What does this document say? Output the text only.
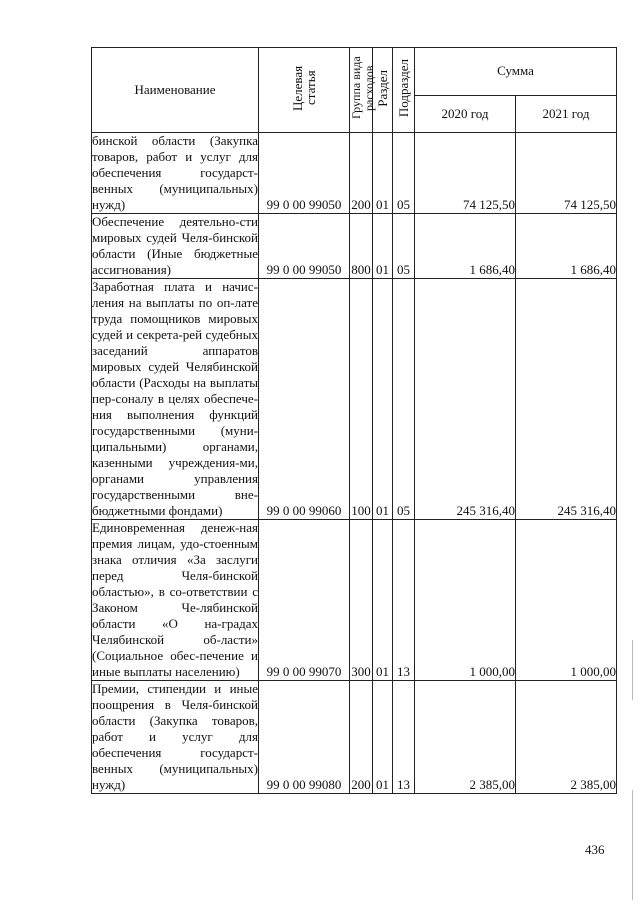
Наименование	Целевая статья	Группа вида расходов	Раздел	Подраздел	Сумма	
					2020 год	2021 год
бинской области (Закупка товаров, работ и услуг для обеспечения государст-венных (муниципальных) нужд)	99 0 00 99050	200	01	05	74 125,50	74 125,50
Обеспечение деятельно-сти мировых судей Челя-бинской области (Иные бюджетные ассигнования)	99 0 00 99050	800	01	05	1 686,40	1 686,40
Заработная плата и начис-ления на выплаты по оп-лате труда помощников мировых судей и секрета-рей судебных заседаний аппаратов мировых судей Челябинской области (Расходы на выплаты пер-соналу в целях обеспече-ния выполнения функций государственными (муни-ципальными) органами, казенными учреждения-ми, органами управления государственными вне-бюджетными фондами)	99 0 00 99060	100	01	05	245 316,40	245 316,40
Единовременная денеж-ная премия лицам, удо-стоенным знака отличия «За заслуги перед Челя-бинской областью», в со-ответствии с Законом Че-лябинской области «О на-градах Челябинской об-ласти» (Социальное обес-печение и иные выплаты населению)	99 0 00 99070	300	01	13	1 000,00	1 000,00
Премии, стипендии и иные поощрения в Челя-бинской области (Закупка товаров, работ и услуг для обеспечения государст-венных (муниципальных) нужд)	99 0 00 99080	200	01	13	2 385,00	2 385,00
436
